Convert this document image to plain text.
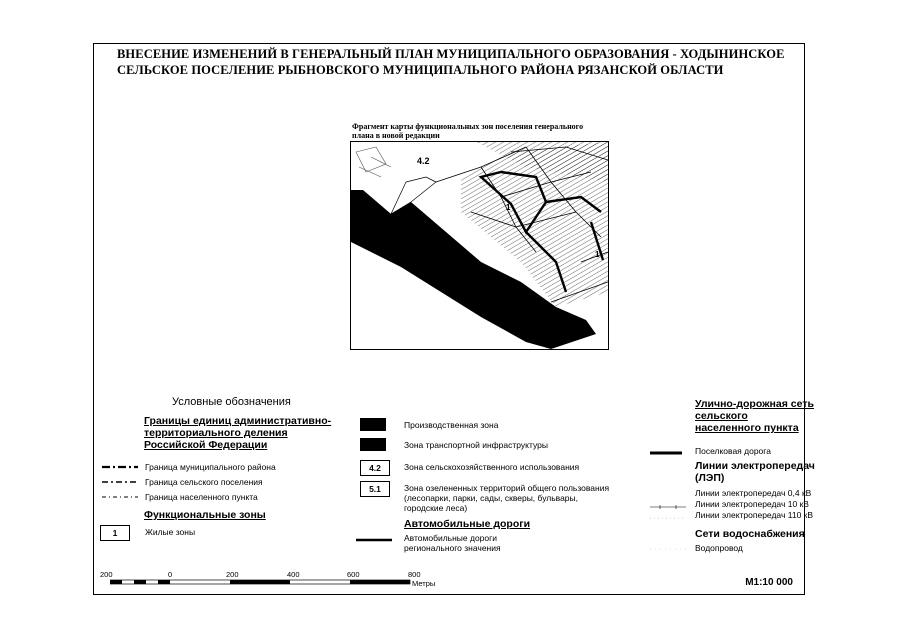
ВНЕСЕНИЕ ИЗМЕНЕНИЙ В ГЕНЕРАЛЬНЫЙ ПЛАН МУНИЦИПАЛЬНОГО ОБРАЗОВАНИЯ - ХОДЫНИНСКОЕ
СЕЛЬСКОЕ ПОСЕЛЕНИЕ РЫБНОВСКОГО МУНИЦИПАЛЬНОГО РАЙОНА РЯЗАНСКОЙ ОБЛАСТИ
Фрагмент карты функциональных зон поселения генерального
плана в новой редакции
4.2
1
1
Условные обозначения
Границы единиц административно-
территориального деления
Российской Федерации
Граница муниципального района
Граница сельского поселения
Граница населенного пункта
Функциональные зоны
1	Жилые зоны
Производственная зона
Зона транспортной инфраструктуры
4.2	Зона сельскохозяйственного использования
5.1	Зона озелененных территорий общего пользования
(лесопарки, парки, сады, скверы, бульвары,
городские леса)
Автомобильные дороги
Автомобильные дороги
регионального значения
Улично-дорожная сеть
сельского
населенного пункта
Поселковая дорога
Линии электропередач
(ЛЭП)
Линии электропередач 0,4 кВ
Линии электропередач 10 кВ
Линии электропередач 110 кВ
Сети водоснабжения
Водопровод
200	0	200	400	600	800
Метры	М1:10 000
